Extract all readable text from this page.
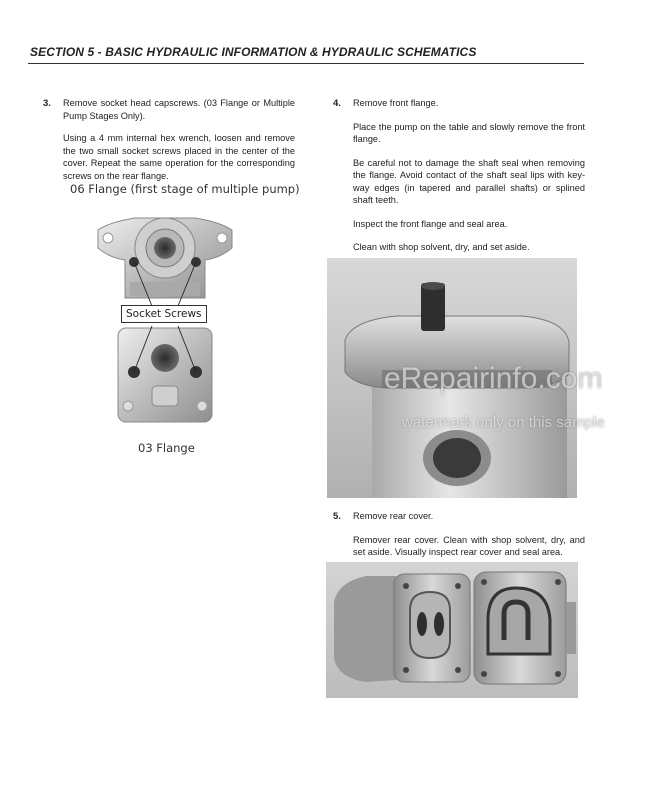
SECTION 5 - BASIC HYDRAULIC INFORMATION & HYDRAULIC SCHEMATICS
3. Remove socket head capscrews. (03 Flange or Multiple Pump Stages Only).

Using a 4 mm internal hex wrench, loosen and remove the two small socket screws placed in the center of the cover. Repeat the same operation for the corresponding screws on the rear flange.

06 Flange (first stage of multiple pump)
Socket Screws
03 Flange
4. Remove front flange.

Place the pump on the table and slowly remove the front flange.

Be careful not to damage the shaft seal when removing the flange. Avoid contact of the shaft seal lips with key-way edges (in tapered and parallel shafts) or splined shaft teeth.

Inspect the front flange and seal area.

Clean with shop solvent, dry, and set aside.

eRepairinfo.com
watermark only on this sample
5. Remove rear cover.

Remover rear cover. Clean with shop solvent, dry, and set aside. Visually inspect rear cover and seal area.
